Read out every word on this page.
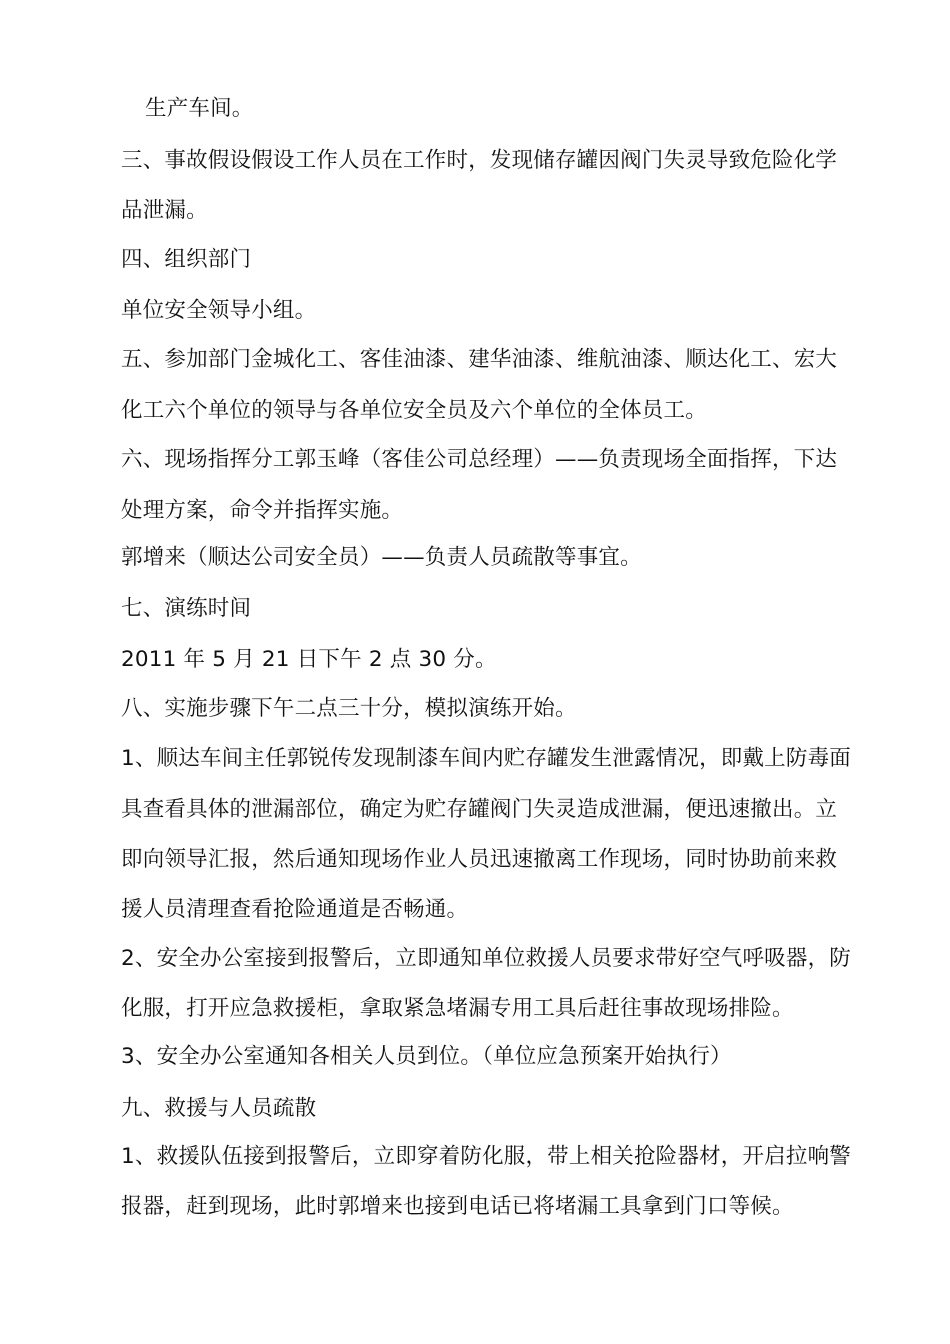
生产车间。
三、事故假设假设工作人员在工作时，发现储存罐因阀门失灵导致危险化学
品泄漏。
四、组织部门
单位安全领导小组。
五、参加部门金城化工、客佳油漆、建华油漆、维航油漆、顺达化工、宏大
化工六个单位的领导与各单位安全员及六个单位的全体员工。
六、现场指挥分工郭玉峰（客佳公司总经理）——负责现场全面指挥，下达
处理方案，命令并指挥实施。
郭增来（顺达公司安全员）——负责人员疏散等事宜。
七、演练时间
2011 年 5 月 21 日下午 2 点 30 分。
八、实施步骤下午二点三十分，模拟演练开始。
1、顺达车间主任郭锐传发现制漆车间内贮存罐发生泄露情况，即戴上防毒面
具查看具体的泄漏部位，确定为贮存罐阀门失灵造成泄漏，便迅速撤出。立
即向领导汇报，然后通知现场作业人员迅速撤离工作现场，同时协助前来救
援人员清理查看抢险通道是否畅通。
2、安全办公室接到报警后，立即通知单位救援人员要求带好空气呼吸器，防
化服，打开应急救援柜，拿取紧急堵漏专用工具后赶往事故现场排险。
3、安全办公室通知各相关人员到位。（单位应急预案开始执行）
九、救援与人员疏散
1、救援队伍接到报警后，立即穿着防化服，带上相关抢险器材，开启拉响警
报器，赶到现场，此时郭增来也接到电话已将堵漏工具拿到门口等候。
